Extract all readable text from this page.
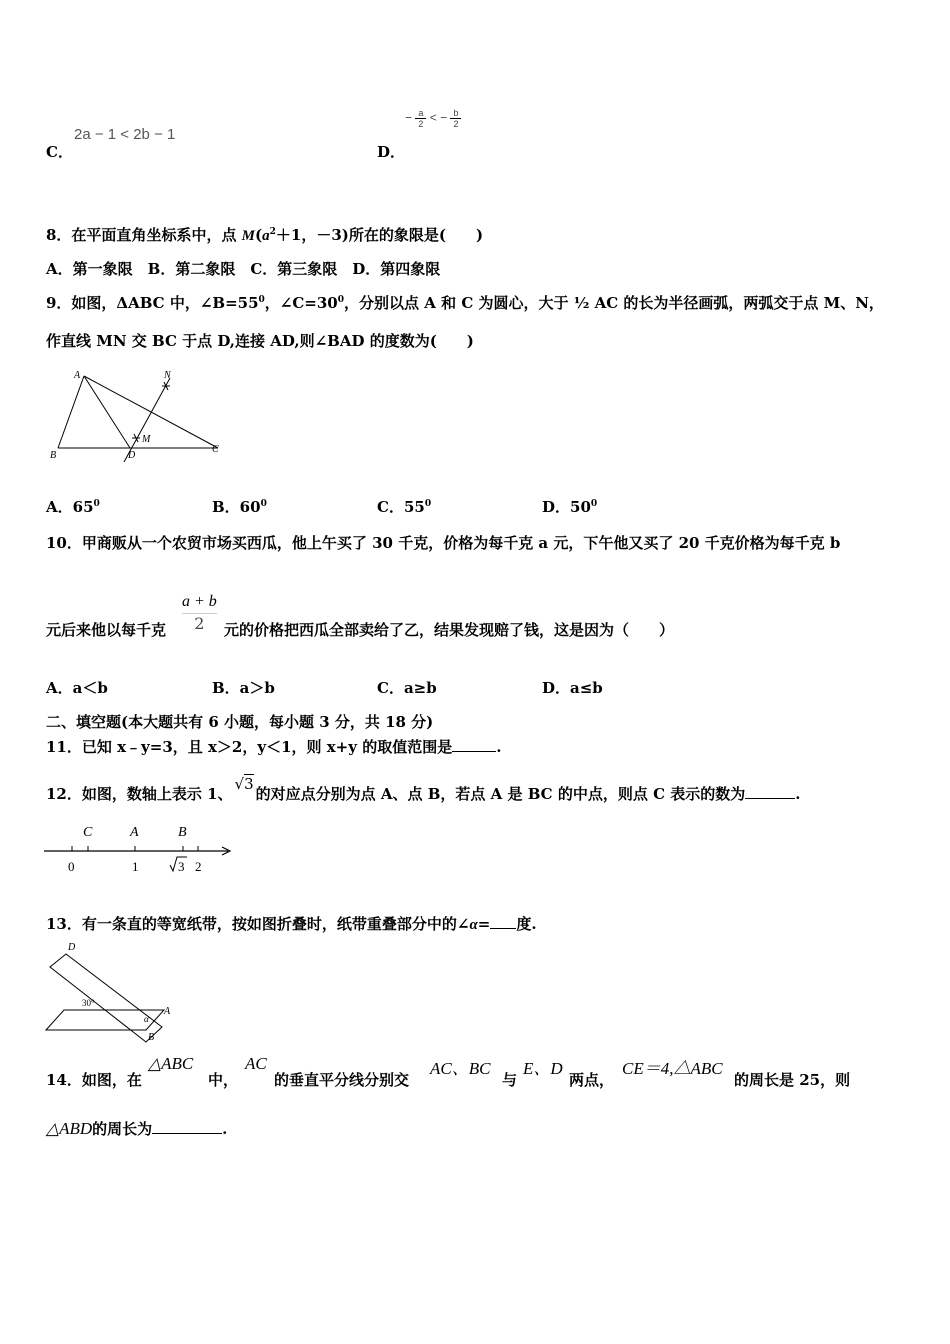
C．
2a − 1 < 2b − 1
D．
− $\frac{a}{2}$ < − $\frac{b}{2}$
8．在平面直角坐标系中，点 $M(a^2+1$，－3)所在的象限是(　　)
A．第一象限　B．第二象限　C．第三象限　D．第四象限
9．如图，ΔABC 中，$\angle B=55^0$，$\angle C=30^0$，分别以点 A 和 C 为圆心，大于 ½ AC 的长为半径画弧，两弧交于点 M、N，
作直线 MN 交 BC 于点 D,连接 AD,则∠BAD 的度数为(　　)
A
B
C
D
M
N
A．$65^0$	B．$60^0$	C．$55^0$	D．$50^0$
10．甲商贩从一个农贸市场买西瓜，他上午买了 30 千克，价格为每千克 a 元，下午他又买了 20 千克价格为每千克 b
元后来他以每千克
a + b
2	元的价格把西瓜全部卖给了乙，结果发现赔了钱，这是因为（　　）
A．a＜b	B．a＞b	C．a≥b	D．a≤b
二、填空题(本大题共有 6 小题，每小题 3 分，共 18 分)
11．已知 x﹣y=3，且 x＞2，y＜1，则 x+y 的取值范围是	.
12．如图，数轴上表示 1、√3的对应点分别为点 A、点 B，若点 A 是 BC 的中点，则点 C 表示的数为	.
C	A	B
0	1	3 2
13．有一条直的等宽纸带，按如图折叠时，纸带重叠部分中的∠α= 度.
D
A
B
30°
α
14．如图，在
△ABC
中，
AC
的垂直平分线分别交
AC、BC
与
E、D
两点，
CE＝4,△ABC
的周长是 25，则
△ABD的周长为	.
